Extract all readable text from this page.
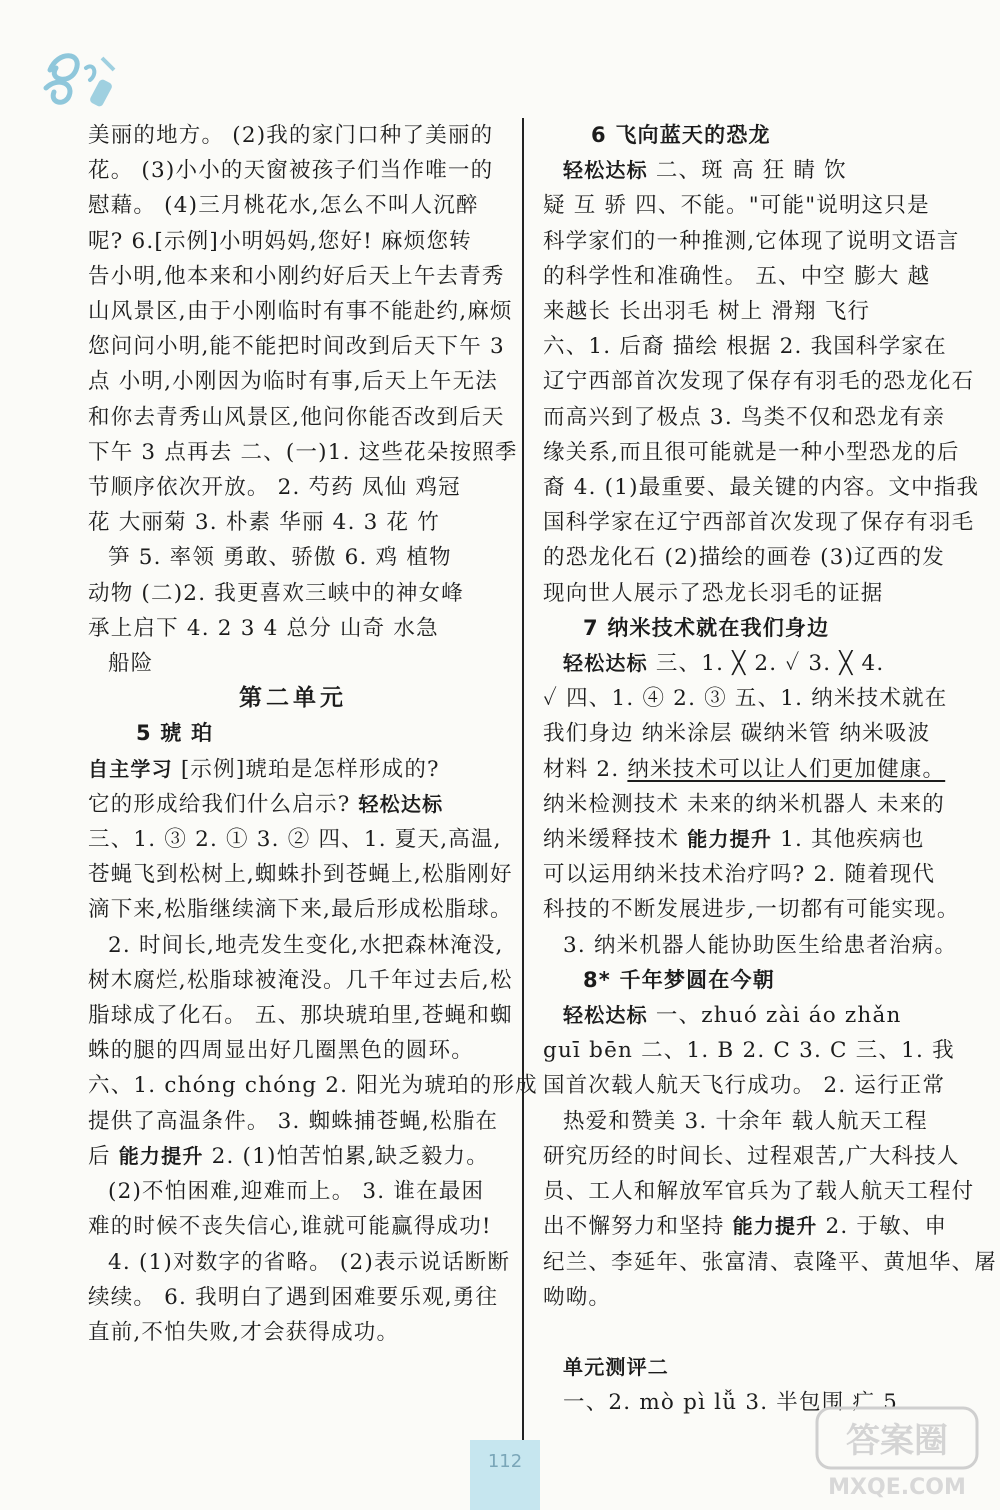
美丽的地方。 (2)我的家门口种了美丽的
花。 (3)小小的天窗被孩子们当作唯一的
慰藉。 (4)三月桃花水,怎么不叫人沉醉
呢? 6.[示例]小明妈妈,您好! 麻烦您转
告小明,他本来和小刚约好后天上午去青秀
山风景区,由于小刚临时有事不能赴约,麻烦
您问问小明,能不能把时间改到后天下午 3
点 小明,小刚因为临时有事,后天上午无法
和你去青秀山风景区,他问你能否改到后天
下午 3 点再去 二、(一)1. 这些花朵按照季
节顺序依次开放。 2. 芍药 凤仙 鸡冠
花 大丽菊 3. 朴素 华丽 4. 3 花 竹
笋 5. 率领 勇敢、骄傲 6. 鸡 植物
动物 (二)2. 我更喜欢三峡中的神女峰
承上启下 4. 2 3 4 总分 山奇 水急
船险
第二单元
5 琥 珀
自主学习 [示例]琥珀是怎样形成的?
它的形成给我们什么启示? 轻松达标
三、1. ③ 2. ① 3. ② 四、1. 夏天,高温,
苍蝇飞到松树上,蜘蛛扑到苍蝇上,松脂刚好
滴下来,松脂继续滴下来,最后形成松脂球。
2. 时间长,地壳发生变化,水把森林淹没,
树木腐烂,松脂球被淹没。几千年过去后,松
脂球成了化石。 五、那块琥珀里,苍蝇和蜘
蛛的腿的四周显出好几圈黑色的圆环。
六、1. chóng chóng 2. 阳光为琥珀的形成
提供了高温条件。 3. 蜘蛛捕苍蝇,松脂在
后 能力提升 2. (1)怕苦怕累,缺乏毅力。
(2)不怕困难,迎难而上。 3. 谁在最困
难的时候不丧失信心,谁就可能赢得成功!
4. (1)对数字的省略。 (2)表示说话断断
续续。 6. 我明白了遇到困难要乐观,勇往
直前,不怕失败,才会获得成功。
6 飞向蓝天的恐龙
轻松达标 二、斑 高 狂 睛 饮
疑 互 骄 四、不能。"可能"说明这只是
科学家们的一种推测,它体现了说明文语言
的科学性和准确性。 五、中空 膨大 越
来越长 长出羽毛 树上 滑翔 飞行
六、1. 后裔 描绘 根据 2. 我国科学家在
辽宁西部首次发现了保存有羽毛的恐龙化石
而高兴到了极点 3. 鸟类不仅和恐龙有亲
缘关系,而且很可能就是一种小型恐龙的后
裔 4. (1)最重要、最关键的内容。文中指我
国科学家在辽宁西部首次发现了保存有羽毛
的恐龙化石 (2)描绘的画卷 (3)辽西的发
现向世人展示了恐龙长羽毛的证据
7 纳米技术就在我们身边
轻松达标 三、1. ╳ 2. ✓ 3. ╳ 4.
✓ 四、1. ④ 2. ③ 五、1. 纳米技术就在
我们身边 纳米涂层 碳纳米管 纳米吸波
材料 2. 纳米技术可以让人们更加健康。
纳米检测技术 未来的纳米机器人 未来的
纳米缓释技术 能力提升 1. 其他疾病也
可以运用纳米技术治疗吗? 2. 随着现代
科技的不断发展进步,一切都有可能实现。
3. 纳米机器人能协助医生给患者治病。
8* 千年梦圆在今朝
轻松达标 一、zhuó zài áo zhǎn
guī bēn 二、1. B 2. C 3. C 三、1. 我
国首次载人航天飞行成功。 2. 运行正常
热爱和赞美 3. 十余年 载人航天工程
研究历经的时间长、过程艰苦,广大科技人
员、工人和解放军官兵为了载人航天工程付
出不懈努力和坚持 能力提升 2. 于敏、申
纪兰、李延年、张富清、袁隆平、黄旭华、屠
呦呦。

单元测评二
一、2. mò pì lǚ 3. 半包围 疒 5
112
答案圈
MXQE.COM
